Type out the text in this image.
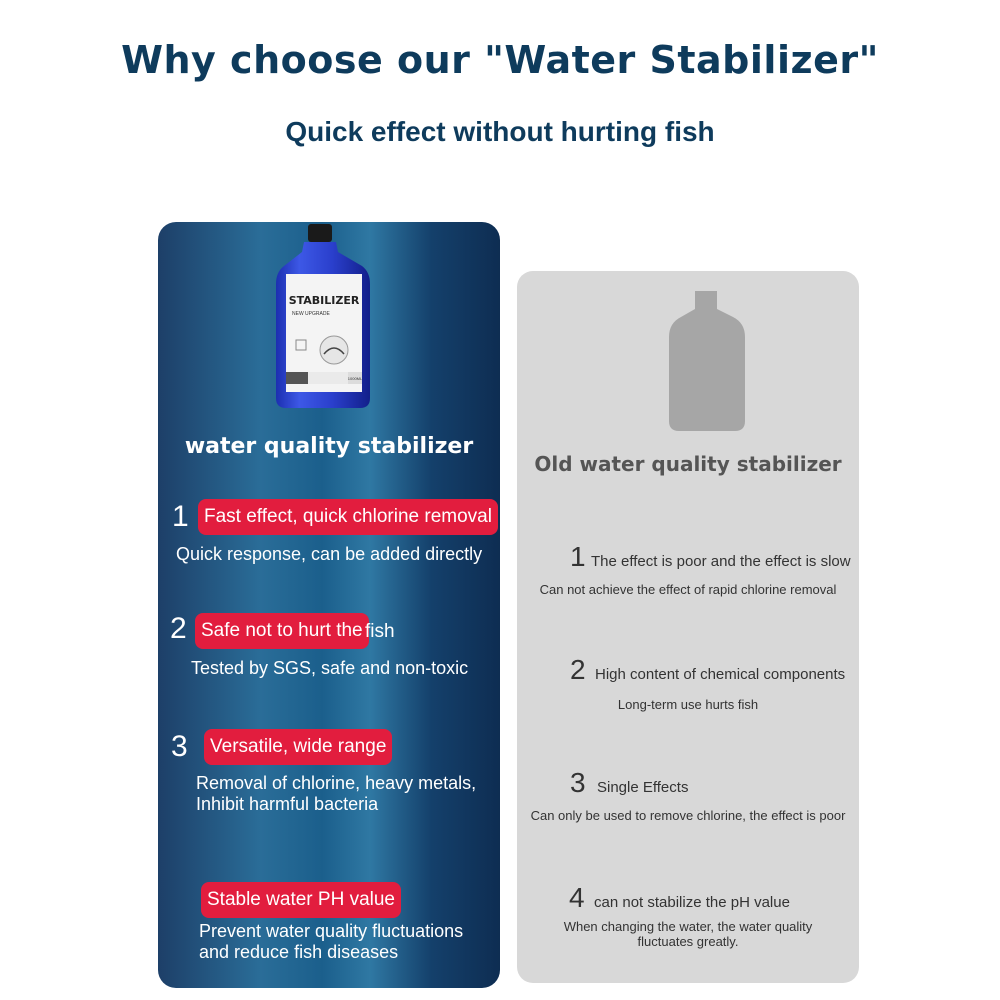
Why choose our "Water Stabilizer"
Quick effect without hurting fish
STABILIZER
NEW UPGRADE
1000ML
water quality stabilizer
1 Fast effect, quick chlorine removal
Quick response, can be added directly
2 Safe not to hurt the fish
Tested by SGS, safe and non-toxic
3	Versatile, wide range
Removal of chlorine, heavy metals,
Inhibit harmful bacteria
Stable water PH value
Prevent water quality fluctuations
and reduce fish diseases
Old water quality stabilizer
1 The effect is poor and the effect is slow
Can not achieve the effect of rapid chlorine removal
2 High content of chemical components
Long-term use hurts fish
3 Single Effects
Can only be used to remove chlorine, the effect is poor
4 can not stabilize the pH value
When changing the water, the water quality
fluctuates greatly.
